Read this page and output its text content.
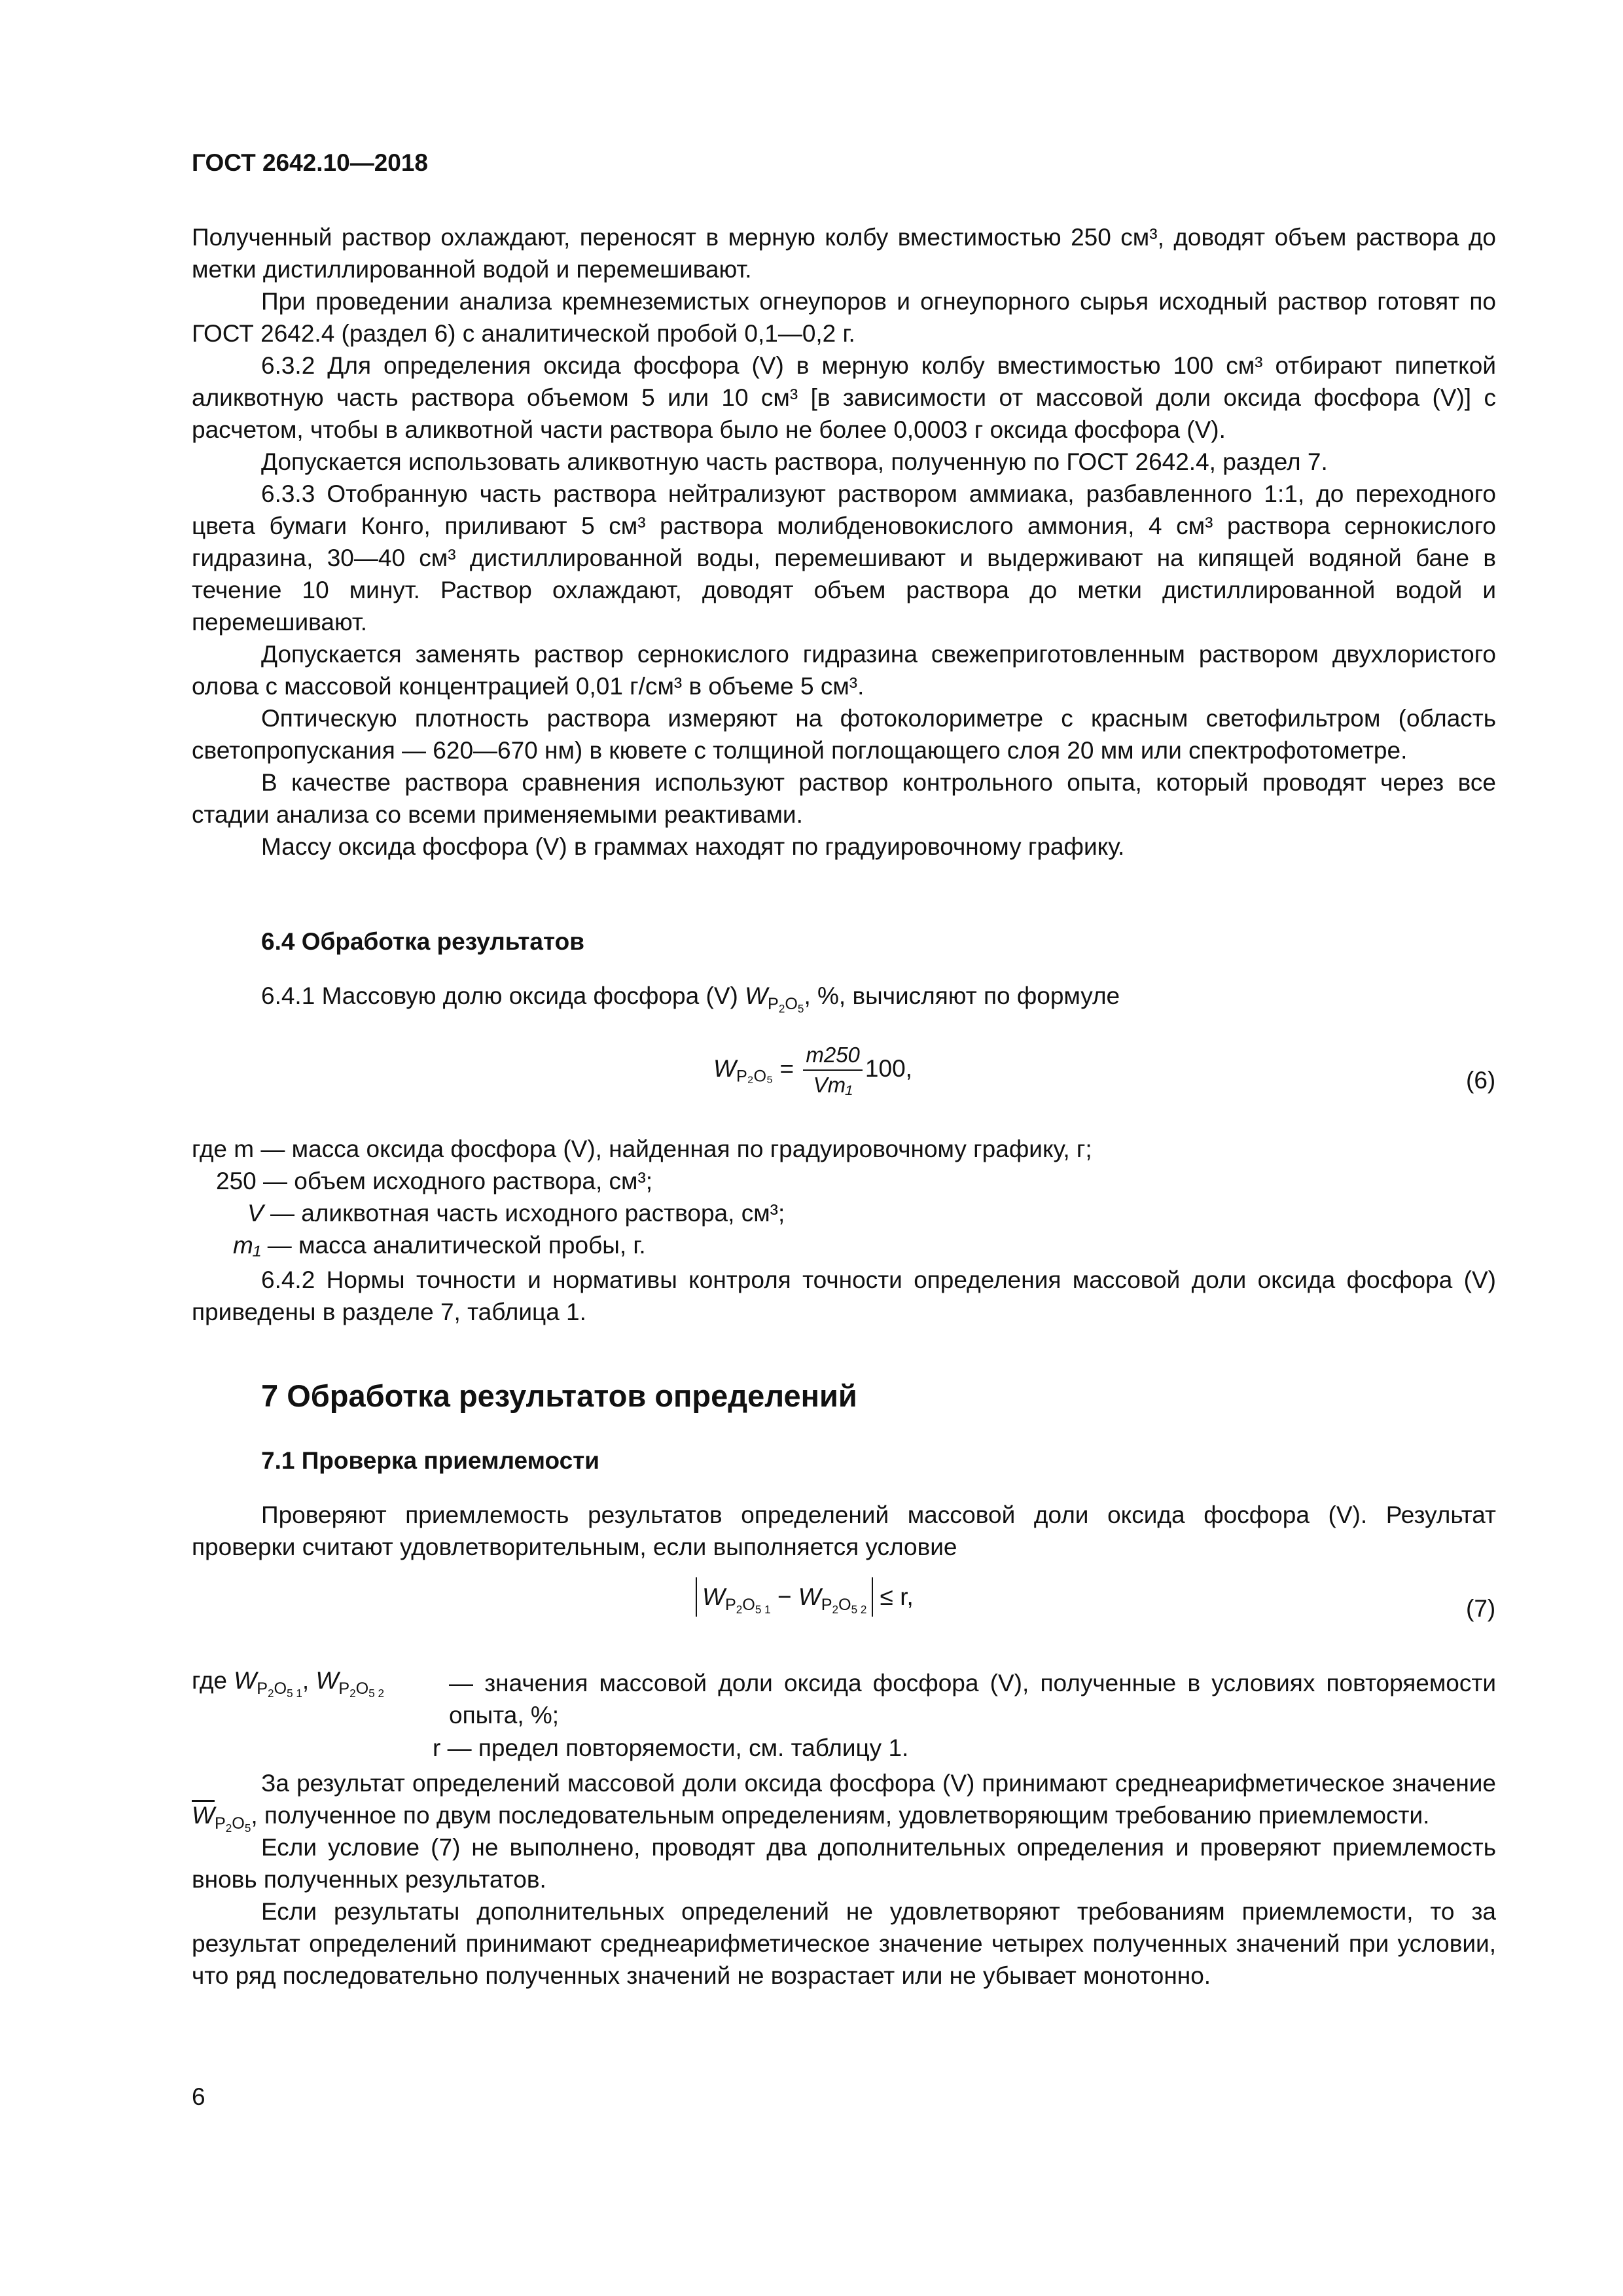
ГОСТ 2642.10—2018

Полученный раствор охлаждают, переносят в мерную колбу вместимостью 250 см³, доводят объем раствора до метки дистиллированной водой и перемешивают.

При проведении анализа кремнеземистых огнеупоров и огнеупорного сырья исходный раствор готовят по ГОСТ 2642.4 (раздел 6) с аналитической пробой 0,1—0,2 г.

6.3.2 Для определения оксида фосфора (V) в мерную колбу вместимостью 100 см³ отбирают пипеткой аликвотную часть раствора объемом 5 или 10 см³ [в зависимости от массовой доли оксида фосфора (V)] с расчетом, чтобы в аликвотной части раствора было не более 0,0003 г оксида фосфора (V).

Допускается использовать аликвотную часть раствора, полученную по ГОСТ 2642.4, раздел 7.

6.3.3 Отобранную часть раствора нейтрализуют раствором аммиака, разбавленного 1:1, до переходного цвета бумаги Конго, приливают 5 см³ раствора молибденовокислого аммония, 4 см³ раствора сернокислого гидразина, 30—40 см³ дистиллированной воды, перемешивают и выдерживают на кипящей водяной бане в течение 10 минут. Раствор охлаждают, доводят объем раствора до метки дистиллированной водой и перемешивают.

Допускается заменять раствор сернокислого гидразина свежеприготовленным раствором двухлористого олова с массовой концентрацией 0,01 г/см³ в объеме 5 см³.

Оптическую плотность раствора измеряют на фотоколориметре с красным светофильтром (область светопропускания — 620—670 нм) в кювете с толщиной поглощающего слоя 20 мм или спектрофотометре.

В качестве раствора сравнения используют раствор контрольного опыта, который проводят через все стадии анализа со всеми применяемыми реактивами.

Массу оксида фосфора (V) в граммах находят по градуировочному графику.

6.4 Обработка результатов
6.4.1 Массовую долю оксида фосфора (V) $W_{P_2O_5}$, %, вычисляют по формуле
$W_{P_2O_5} = \frac{m250}{\text{Vm₁}} 100$,	(6)
где m — масса оксида фосфора (V), найденная по градуировочному графику, г;
250 — объем исходного раствора, см³;
V — аликвотная часть исходного раствора, см³;
m₁ — масса аналитической пробы, г.

6.4.2 Нормы точности и нормативы контроля точности определения массовой доли оксида фосфора (V) приведены в разделе 7, таблица 1.

7 Обработка результатов определений
7.1 Проверка приемлемости

Проверяют приемлемость результатов определений массовой доли оксида фосфора (V). Результат проверки считают удовлетворительным, если выполняется условие

$W_{P_2O_{5 1}} - W_{P_2O_{5 2}} \le r$,	(7)
где $W_{P_2O_{5 1}}$, $W_{P_2O_{5 2}}$	— значения массовой доли оксида фосфора (V), полученные в условиях повторяемости опыта, %;
r — предел повторяемости, см. таблицу 1.

За результат определений массовой доли оксида фосфора (V) принимают среднеарифметическое значение $\overline{W}_{P_2O_5}$, полученное по двум последовательным определениям, удовлетворяющим требованию приемлемости.

Если условие (7) не выполнено, проводят два дополнительных определения и проверяют приемлемость вновь полученных результатов.

Если результаты дополнительных определений не удовлетворяют требованиям приемлемости, то за результат определений принимают среднеарифметическое значение четырех полученных значений при условии, что ряд последовательно полученных значений не возрастает или не убывает монотонно.

6
